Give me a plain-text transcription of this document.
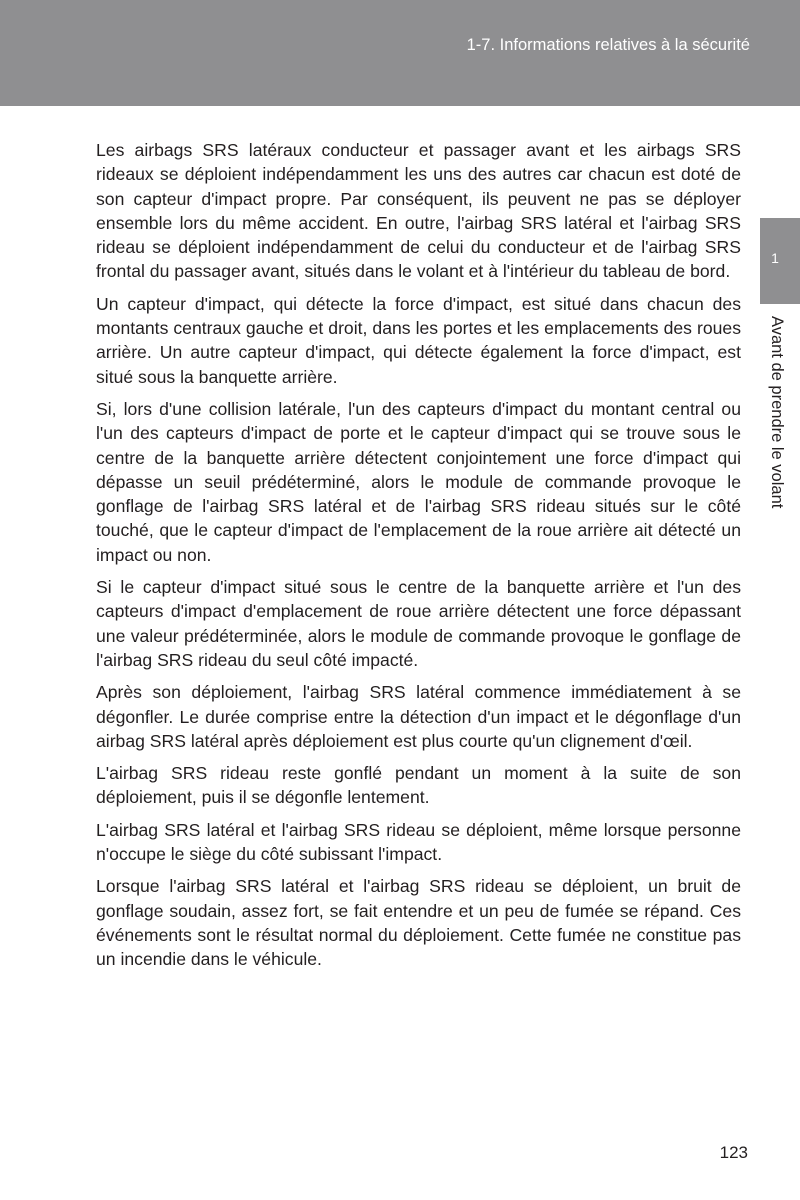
1-7. Informations relatives à la sécurité
1
Avant de prendre le volant

Les airbags SRS latéraux conducteur et passager avant et les airbags SRS rideaux se déploient indépendamment les uns des autres car chacun est doté de son capteur d'impact propre. Par conséquent, ils peuvent ne pas se déployer ensemble lors du même accident. En outre, l'airbag SRS latéral et l'airbag SRS rideau se déploient indépendamment de celui du conducteur et de l'airbag SRS frontal du passager avant, situés dans le volant et à l'intérieur du tableau de bord.

Un capteur d'impact, qui détecte la force d'impact, est situé dans chacun des montants centraux gauche et droit, dans les portes et les emplacements des roues arrière. Un autre capteur d'impact, qui détecte également la force d'impact, est situé sous la banquette arrière.

Si, lors d'une collision latérale, l'un des capteurs d'impact du montant central ou l'un des capteurs d'impact de porte et le capteur d'impact qui se trouve sous le centre de la banquette arrière détectent conjointement une force d'impact qui dépasse un seuil prédéterminé, alors le module de commande provoque le gonflage de l'airbag SRS latéral et de l'airbag SRS rideau situés sur le côté touché, que le capteur d'impact de l'emplacement de la roue arrière ait détecté un impact ou non.

Si le capteur d'impact situé sous le centre de la banquette arrière et l'un des capteurs d'impact d'emplacement de roue arrière détectent une force dépassant une valeur prédéterminée, alors le module de commande provoque le gonflage de l'airbag SRS rideau du seul côté impacté.

Après son déploiement, l'airbag SRS latéral commence immédiatement à se dégonfler. Le durée comprise entre la détection d'un impact et le dégonflage d'un airbag SRS latéral après déploiement est plus courte qu'un clignement d'œil.

L'airbag SRS rideau reste gonflé pendant un moment à la suite de son déploiement, puis il se dégonfle lentement.

L'airbag SRS latéral et l'airbag SRS rideau se déploient, même lorsque personne n'occupe le siège du côté subissant l'impact.

Lorsque l'airbag SRS latéral et l'airbag SRS rideau se déploient, un bruit de gonflage soudain, assez fort, se fait entendre et un peu de fumée se répand. Ces événements sont le résultat normal du déploiement. Cette fumée ne constitue pas un incendie dans le véhicule.

123
